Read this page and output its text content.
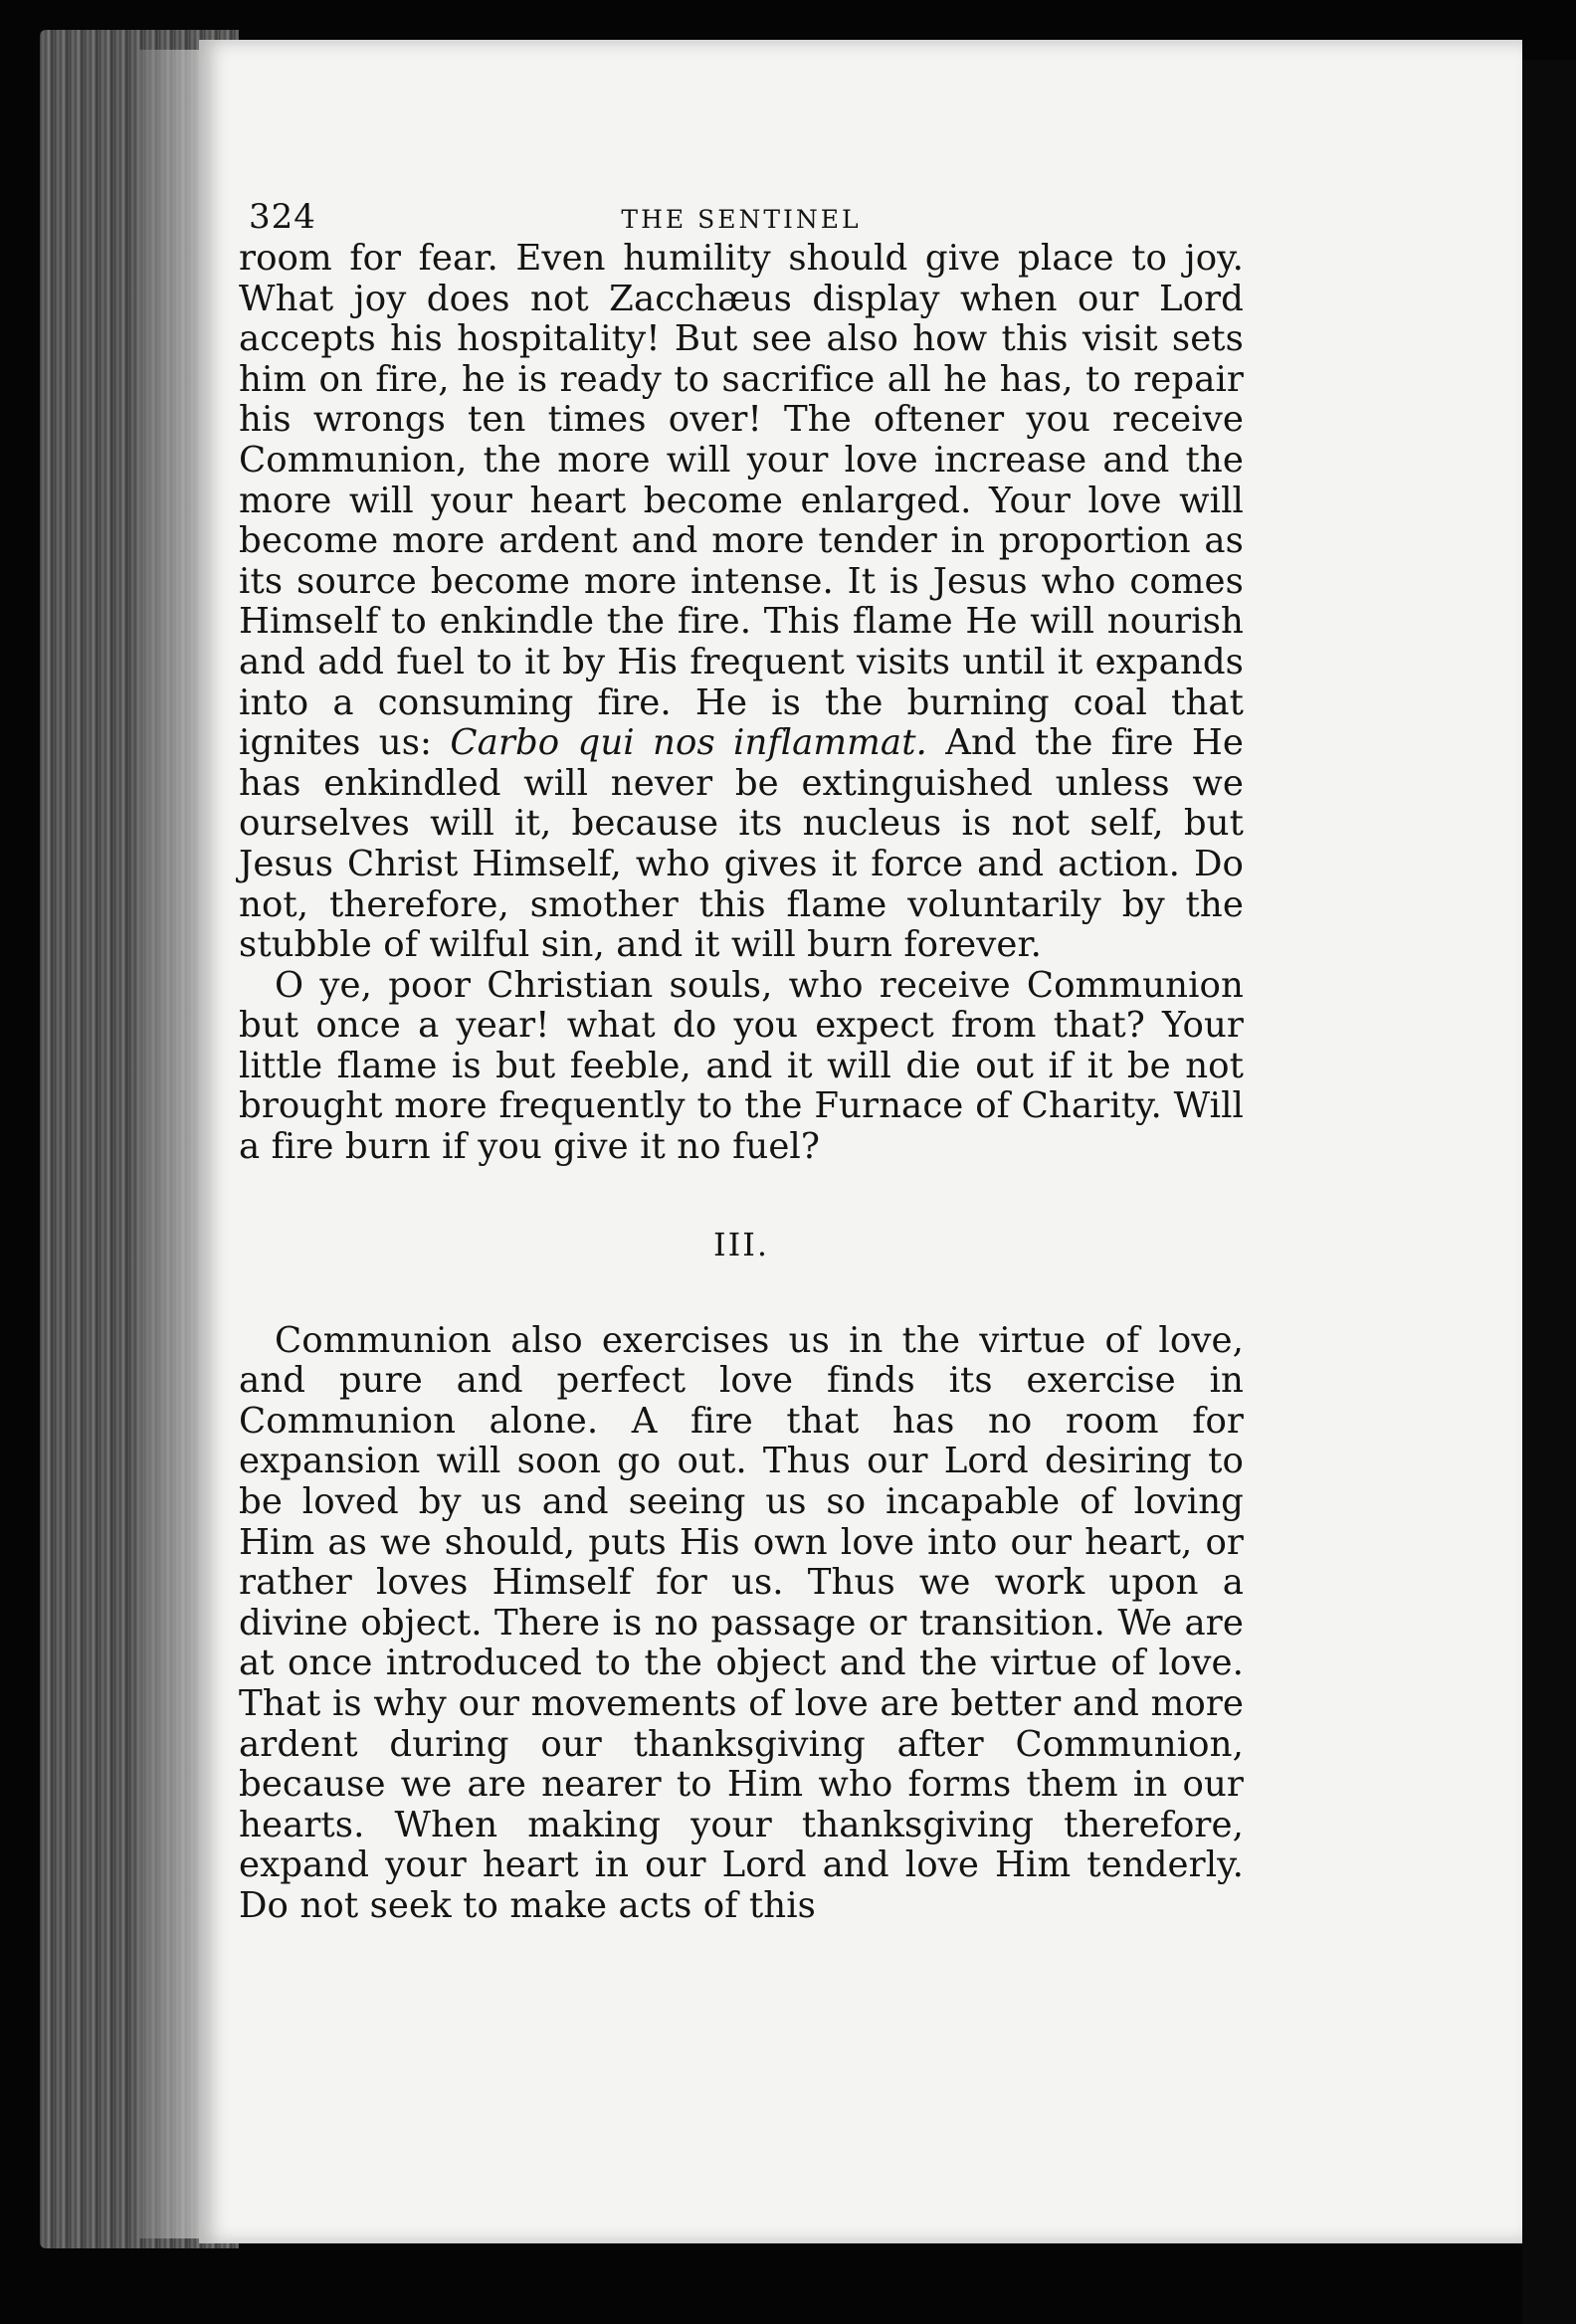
324	THE SENTINEL

room for fear. Even humility should give place to joy. What joy does not Zacchæus display when our Lord accepts his hospitality! But see also how this visit sets him on fire, he is ready to sacrifice all he has, to repair his wrongs ten times over! The oftener you receive Communion, the more will your love increase and the more will your heart become enlarged. Your love will become more ardent and more tender in proportion as its source become more intense. It is Jesus who comes Himself to enkindle the fire. This flame He will nourish and add fuel to it by His frequent visits until it expands into a consuming fire. He is the burning coal that ignites us: Carbo qui nos inflammat. And the fire He has enkindled will never be extinguished unless we ourselves will it, because its nucleus is not self, but Jesus Christ Himself, who gives it force and action. Do not, therefore, smother this flame voluntarily by the stubble of wilful sin, and it will burn forever.

O ye, poor Christian souls, who receive Communion but once a year! what do you expect from that? Your little flame is but feeble, and it will die out if it be not brought more frequently to the Furnace of Charity. Will a fire burn if you give it no fuel?

III.

Communion also exercises us in the virtue of love, and pure and perfect love finds its exercise in Communion alone. A fire that has no room for expansion will soon go out. Thus our Lord desiring to be loved by us and seeing us so incapable of loving Him as we should, puts His own love into our heart, or rather loves Himself for us. Thus we work upon a divine object. There is no passage or transition. We are at once introduced to the object and the virtue of love. That is why our movements of love are better and more ardent during our thanksgiving after Communion, because we are nearer to Him who forms them in our hearts. When making your thanksgiving therefore, expand your heart in our Lord and love Him tenderly. Do not seek to make acts of this
